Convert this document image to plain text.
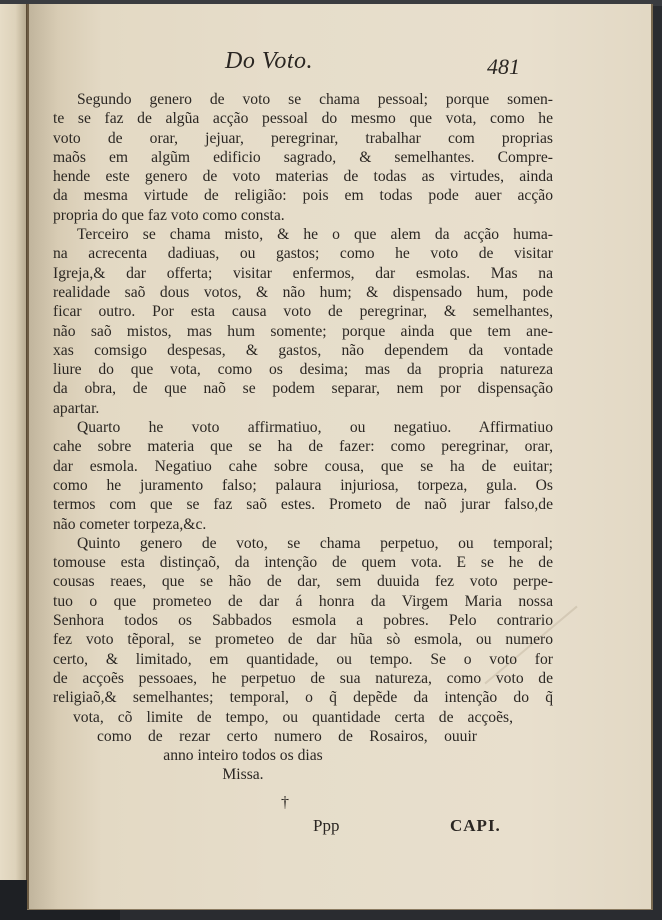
Do Voto.	481
Segundo genero de voto se chama pessoal; porque somen-
te se faz de algũa acção pessoal do mesmo que vota, como he
voto de orar, jejuar, peregrinar, trabalhar com proprias
maõs em algũm edificio sagrado, & semelhantes. Compre-
hende este genero de voto materias de todas as virtudes, ainda
da mesma virtude de religião: pois em todas pode auer acção
propria do que faz voto como consta.
Terceiro se chama misto, & he o que alem da acção huma-
na acrecenta dadiuas, ou gastos; como he voto de visitar
Igreja,& dar offerta; visitar enfermos, dar esmolas. Mas na
realidade saõ dous votos, & não hum; & dispensado hum, pode
ficar outro. Por esta causa voto de peregrinar, & semelhantes,
não saõ mistos, mas hum somente; porque ainda que tem ane-
xas comsigo despesas, & gastos, não dependem da vontade
liure do que vota, como os desima; mas da propria natureza
da obra, de que naõ se podem separar, nem por dispensação
apartar.
Quarto he voto affirmatiuo, ou negatiuo. Affirmatiuo
cahe sobre materia que se ha de fazer: como peregrinar, orar,
dar esmola. Negatiuo cahe sobre cousa, que se ha de euitar;
como he juramento falso; palaura injuriosa, torpeza, gula. Os
termos com que se faz saõ estes. Prometo de naõ jurar falso,de
não cometer torpeza,&c.
Quinto genero de voto, se chama perpetuo, ou temporal;
tomouse esta distinçaõ, da intenção de quem vota. E se he de
cousas reaes, que se hão de dar, sem duuida fez voto perpe-
tuo o que prometeo de dar á honra da Virgem Maria nossa
Senhora todos os Sabbados esmola a pobres. Pelo contrario
fez voto tẽporal, se prometeo de dar hũa sò esmola, ou numero
certo, & limitado, em quantidade, ou tempo. Se o voto for
de acçoẽs pessoaes, he perpetuo de sua natureza, como voto de
religiaõ,& semelhantes; temporal, o q̃ depẽde da intenção do q̃
vota, cõ limite de tempo, ou quantidade certa de acçoẽs,
como de rezar certo numero de Rosairos, ouuir
anno inteiro todos os dias
Missa.
†
Ppp	CAPI.
